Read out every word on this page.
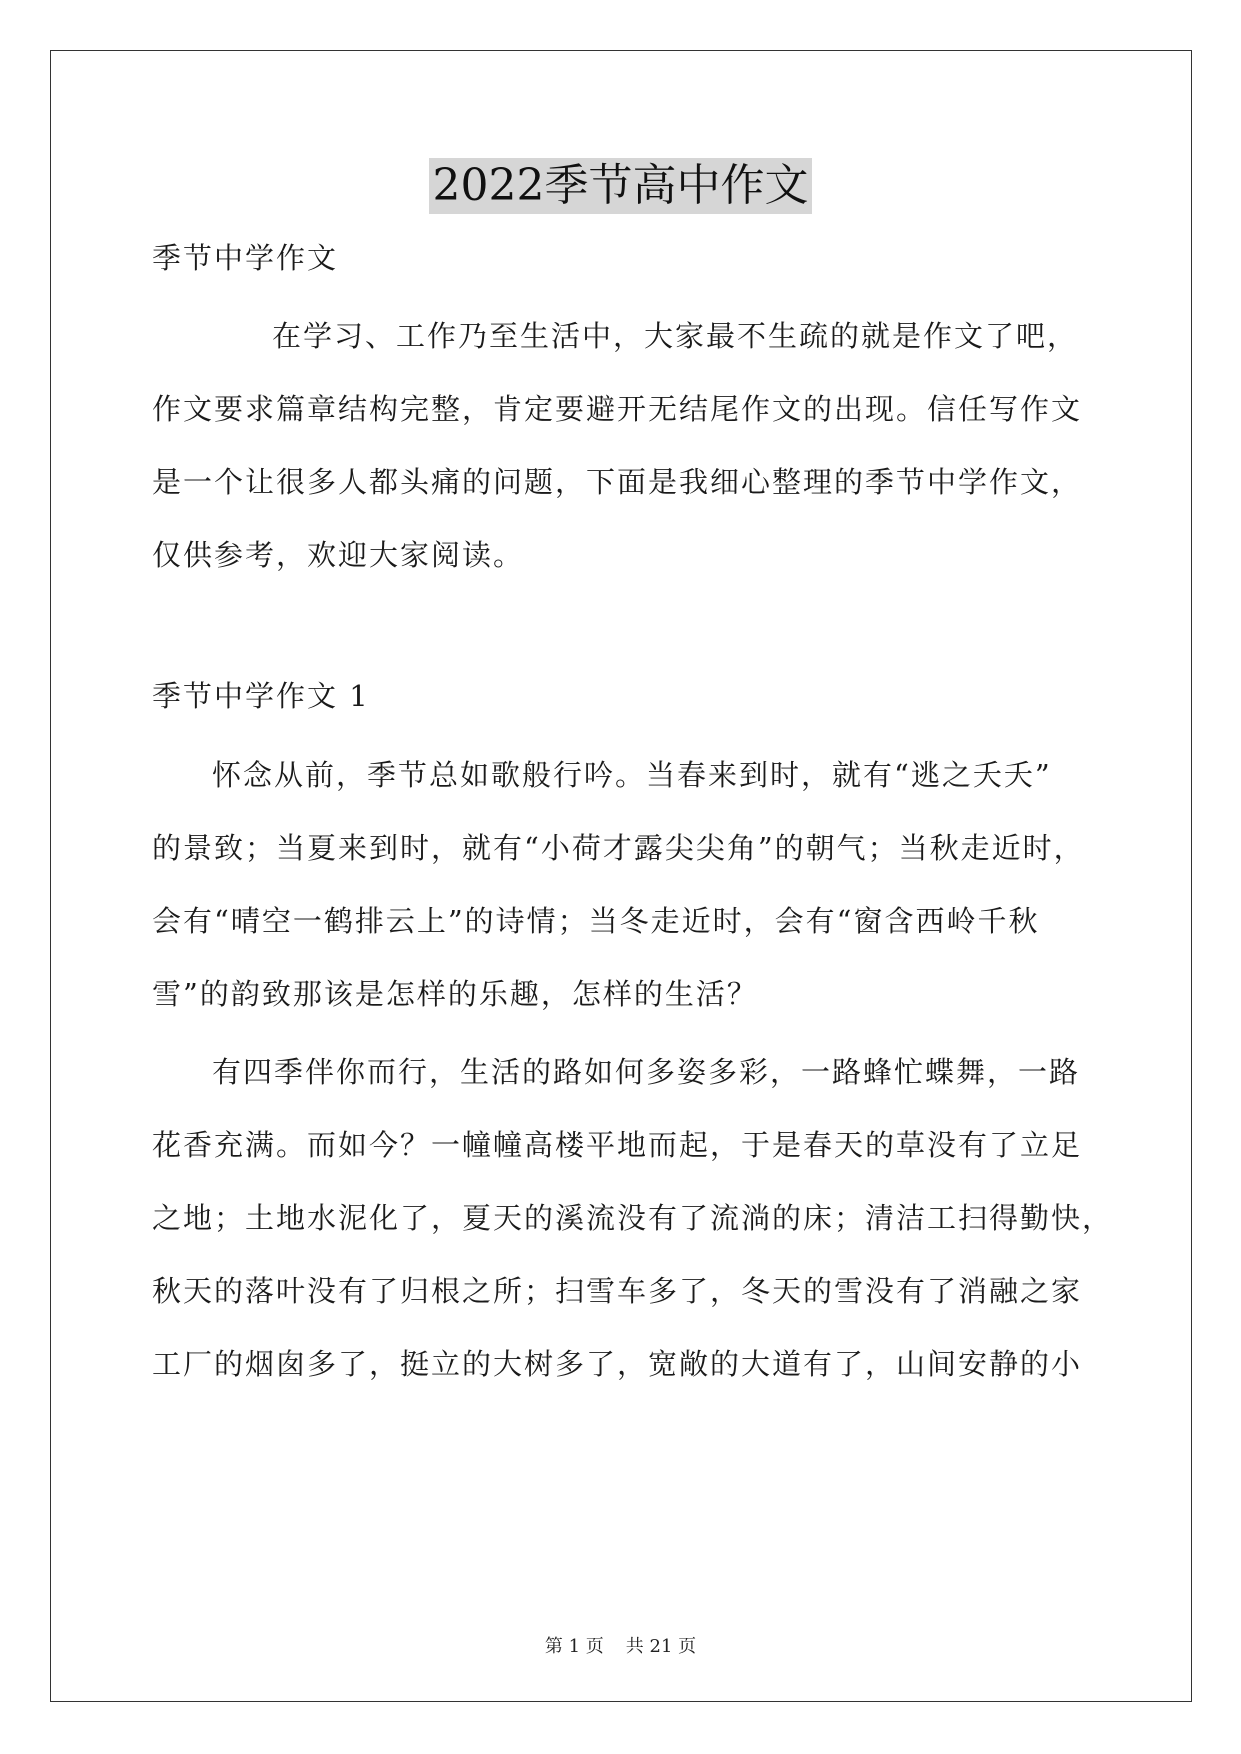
2022季节高中作文
季节中学作文
在学习、工作乃至生活中，大家最不生疏的就是作文了吧，
作文要求篇章结构完整，肯定要避开无结尾作文的出现。信任写作文
是一个让很多人都头痛的问题，下面是我细心整理的季节中学作文，
仅供参考，欢迎大家阅读。
季节中学作文 1
怀念从前，季节总如歌般行吟。当春来到时，就有“逃之夭夭”
的景致；当夏来到时，就有“小荷才露尖尖角”的朝气；当秋走近时，
会有“晴空一鹤排云上”的诗情；当冬走近时，会有“窗含西岭千秋
雪”的韵致那该是怎样的乐趣，怎样的生活？
有四季伴你而行，生活的路如何多姿多彩，一路蜂忙蝶舞，一路
花香充满。而如今？一幢幢高楼平地而起，于是春天的草没有了立足
之地；土地水泥化了，夏天的溪流没有了流淌的床；清洁工扫得勤快，
秋天的落叶没有了归根之所；扫雪车多了，冬天的雪没有了消融之家
工厂的烟囱多了，挺立的大树多了，宽敞的大道有了，山间安静的小
第 1 页 共 21 页
